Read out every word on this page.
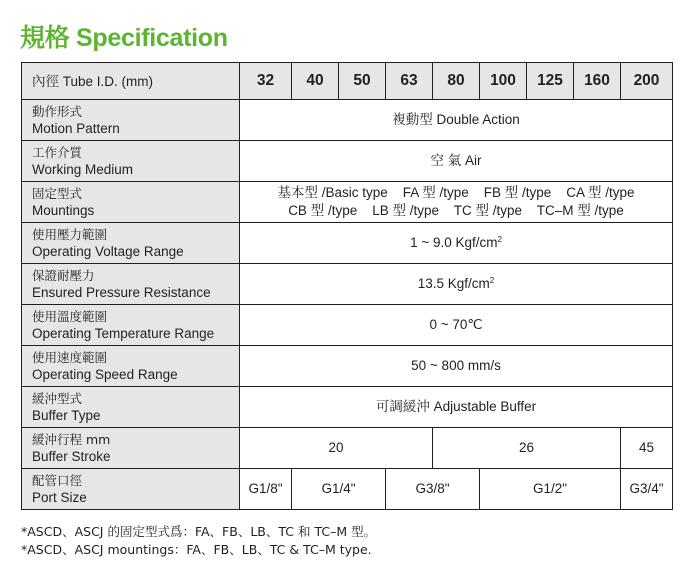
規格 Specification
內徑 Tube I.D. (mm)	32	40	50	63	80	100	125	160	200

動作形式
Motion Pattern	複動型 Double Action								

工作介質
Working Medium	空 氣 Air								

固定型式
Mountings	基本型 /Basic type    FA 型 /type    FB 型 /type    CA 型 /type
CB 型 /type    LB 型 /type    TC 型 /type    TC–M 型 /type								

使用壓力範圍
Operating Voltage Range	1 ~ 9.0 Kgf/$cm^2$

保證耐壓力
Ensured Pressure Resistance	13.5 Kgf/$cm^2$

使用溫度範圍
Operating Temperature Range	0 ~ 70℃								

使用速度範圍
Operating Speed Range	50 ~ 800 mm/s								

緩沖型式
Buffer Type	可調緩沖 Adjustable Buffer								

緩沖行程 mm
Buffer Stroke	20				26				45

配管口徑
Port Size	G1/8"	G1/4"		G3/8"		G1/2"			G3/4"
*ASCD、ASCJ 的固定型式爲：FA、FB、LB、TC 和 TC–M 型。
*ASCD、ASCJ mountings：FA、FB、LB、TC & TC–M type.
